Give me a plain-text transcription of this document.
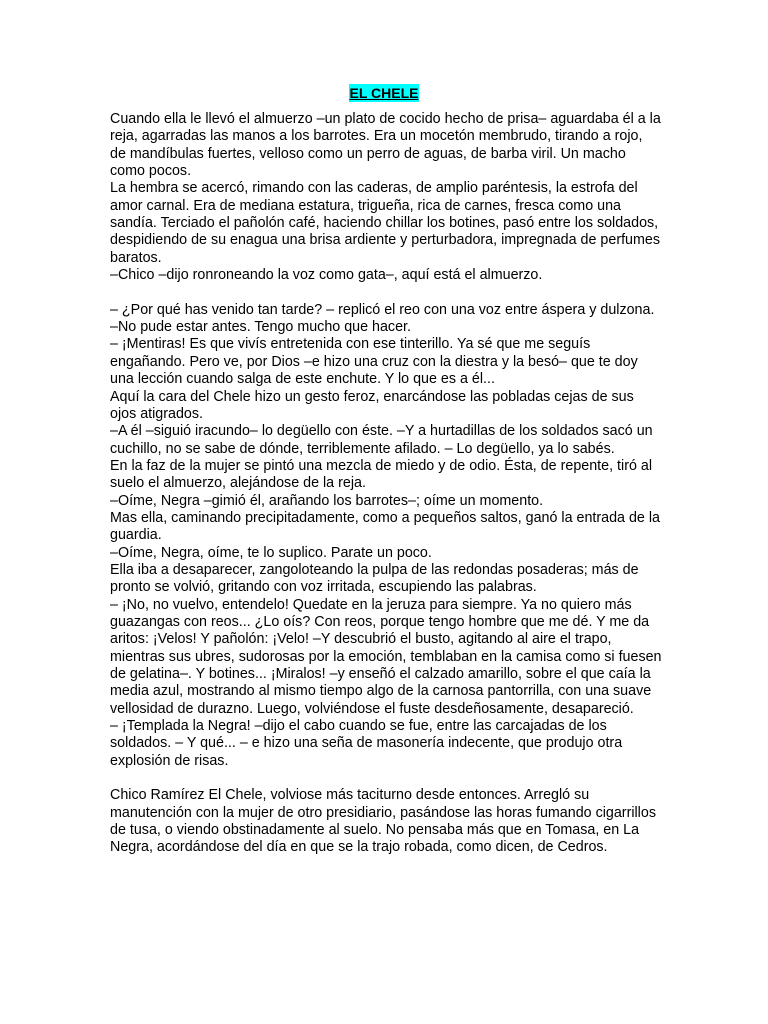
EL CHELE

Cuando ella le llevó el almuerzo –un plato de cocido hecho de prisa– aguardaba él a la reja, agarradas las manos a los barrotes. Era un mocetón membrudo, tirando a rojo, de mandíbulas fuertes, velloso como un perro de aguas, de barba viril. Un macho como pocos.

La hembra se acercó, rimando con las caderas, de amplio paréntesis, la estrofa del amor carnal. Era de mediana estatura, trigueña, rica de carnes, fresca como una sandía. Terciado el pañolón café, haciendo chillar los botines, pasó entre los soldados, despidiendo de su enagua una brisa ardiente y perturbadora, impregnada de perfumes baratos.

–Chico –dijo ronroneando la voz como gata–, aquí está el almuerzo.

– ¿Por qué has venido tan tarde? – replicó el reo con una voz entre áspera y dulzona.

–No pude estar antes. Tengo mucho que hacer.

– ¡Mentiras! Es que vivís entretenida con ese tinterillo. Ya sé que me seguís engañando. Pero ve, por Dios –e hizo una cruz con la diestra y la besó– que te doy una lección cuando salga de este enchute. Y lo que es a él...

Aquí la cara del Chele hizo un gesto feroz, enarcándose las pobladas cejas de sus ojos atigrados.

–A él –siguió iracundo– lo degüello con éste. –Y a hurtadillas de los soldados sacó un cuchillo, no se sabe de dónde, terriblemente afilado. – Lo degüello, ya lo sabés.

En la faz de la mujer se pintó una mezcla de miedo y de odio. Ésta, de repente, tiró al suelo el almuerzo, alejándose de la reja.

–Oíme, Negra –gimió él, arañando los barrotes–; oíme un momento.

Mas ella, caminando precipitadamente, como a pequeños saltos, ganó la entrada de la guardia.

–Oíme, Negra, oíme, te lo suplico. Parate un poco.

Ella iba a desaparecer, zangoloteando la pulpa de las redondas posaderas; más de pronto se volvió, gritando con voz irritada, escupiendo las palabras.

– ¡No, no vuelvo, entendelo! Quedate en la jeruza para siempre. Ya no quiero más guazangas con reos... ¿Lo oís? Con reos, porque tengo hombre que me dé. Y me da aritos: ¡Velos! Y pañolón: ¡Velo! –Y descubrió el busto, agitando al aire el trapo, mientras sus ubres, sudorosas por la emoción, temblaban en la camisa como si fuesen de gelatina–. Y botines... ¡Miralos! –y enseñó el calzado amarillo, sobre el que caía la media azul, mostrando al mismo tiempo algo de la carnosa pantorrilla, con una suave vellosidad de durazno. Luego, volviéndose el fuste desdeñosamente, desapareció.

– ¡Templada la Negra! –dijo el cabo cuando se fue, entre las carcajadas de los soldados. – Y qué... – e hizo una seña de masonería indecente, que produjo otra explosión de risas.

Chico Ramírez El Chele, volviose más taciturno desde entonces. Arregló su manutención con la mujer de otro presidiario, pasándose las horas fumando cigarrillos de tusa, o viendo obstinadamente al suelo. No pensaba más que en Tomasa, en La Negra, acordándose del día en que se la trajo robada, como dicen, de Cedros.
